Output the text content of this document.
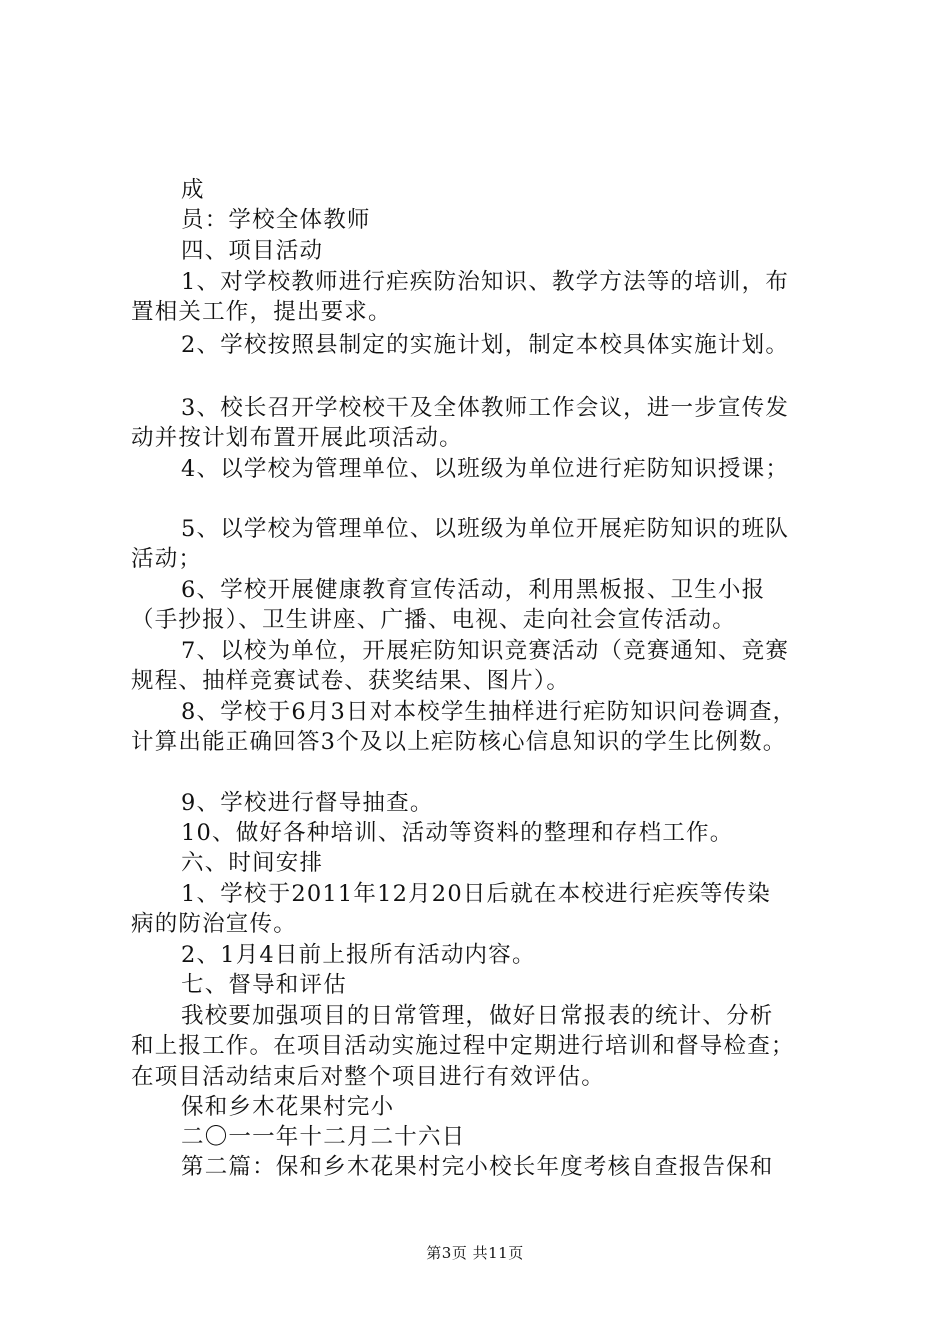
成
员：学校全体教师
四、项目活动
1、对学校教师进行疟疾防治知识、教学方法等的培训，布
置相关工作，提出要求。
2、学校按照县制定的实施计划，制定本校具体实施计划。
3、校长召开学校校干及全体教师工作会议，进一步宣传发
动并按计划布置开展此项活动。
4、以学校为管理单位、以班级为单位进行疟防知识授课；
5、以学校为管理单位、以班级为单位开展疟防知识的班队
活动；
6、学校开展健康教育宣传活动，利用黑板报、卫生小报
（手抄报）、卫生讲座、广播、电视、走向社会宣传活动。
7、以校为单位，开展疟防知识竞赛活动（竞赛通知、竞赛
规程、抽样竞赛试卷、获奖结果、图片）。
8、学校于6月3日对本校学生抽样进行疟防知识问卷调查，
计算出能正确回答3个及以上疟防核心信息知识的学生比例数。
9、学校进行督导抽查。
10、做好各种培训、活动等资料的整理和存档工作。
六、时间安排
1、学校于2011年12月20日后就在本校进行疟疾等传染
病的防治宣传。
2、1月4日前上报所有活动内容。
七、督导和评估
我校要加强项目的日常管理，做好日常报表的统计、分析
和上报工作。在项目活动实施过程中定期进行培训和督导检查；
在项目活动结束后对整个项目进行有效评估。
保和乡木花果村完小
二〇一一年十二月二十六日
第二篇：保和乡木花果村完小校长年度考核自查报告保和
第3页 共11页
